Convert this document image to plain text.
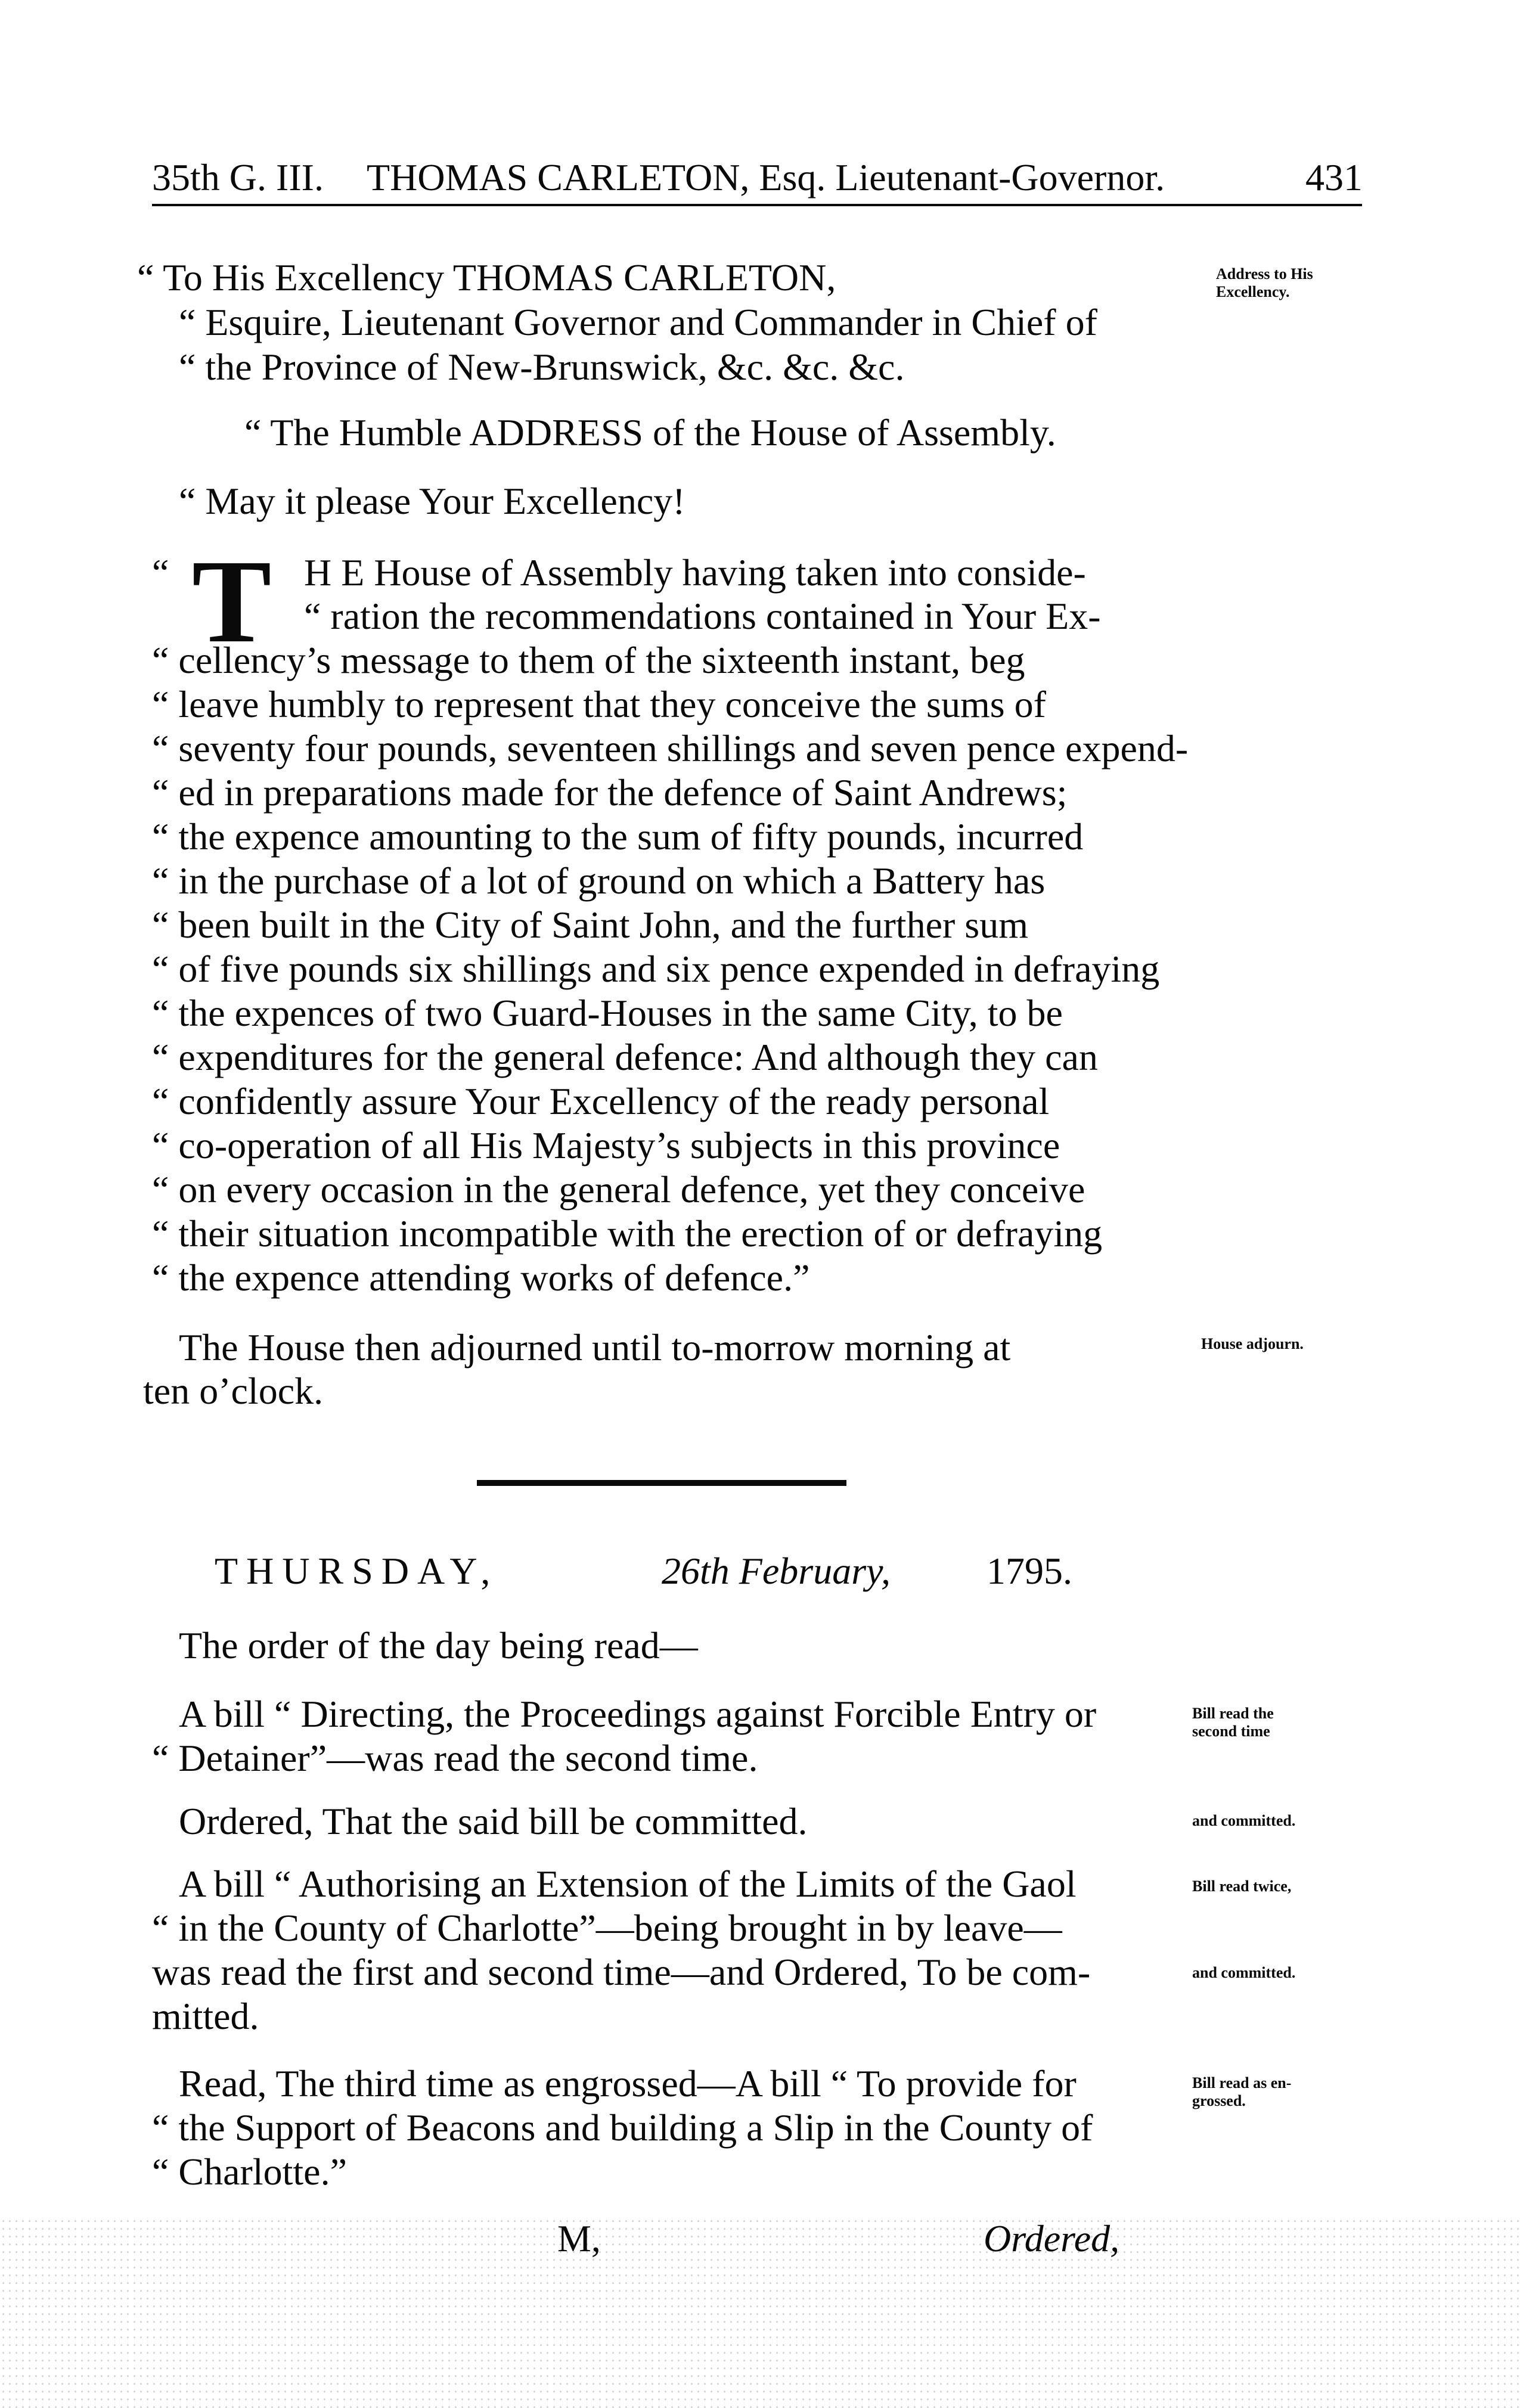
35th G. III. THOMAS CARLETON, Esq. Lieutenant-Governor.	431
“ To His Excellency THOMAS CARLETON,
“ Esquire, Lieutenant Governor and Commander in Chief of
“ the Province of New-Brunswick, &c. &c. &c.
Address to His
Excellency.
“ The Humble ADDRESS of the House of Assembly.
“ May it please Your Excellency!
T
“	H E House of Assembly having taken into conside-
“ ration the recommendations contained in Your Ex-
“ cellency’s message to them of the sixteenth instant, beg
“ leave humbly to represent that they conceive the sums of
“ seventy four pounds, seventeen shillings and seven pence expend-
“ ed in preparations made for the defence of Saint Andrews;
“ the expence amounting to the sum of fifty pounds, incurred
“ in the purchase of a lot of ground on which a Battery has
“ been built in the City of Saint John, and the further sum
“ of five pounds six shillings and six pence expended in defraying
“ the expences of two Guard-Houses in the same City, to be
“ expenditures for the general defence: And although they can
“ confidently assure Your Excellency of the ready personal
“ co-operation of all His Majesty’s subjects in this province
“ on every occasion in the general defence, yet they conceive
“ their situation incompatible with the erection of or defraying
“ the expence attending works of defence.”
The House then adjourned until to-morrow morning at
ten o’clock.
House adjourn.
THURSDAY,	26th February,	1795.
The order of the day being read—
A bill “ Directing, the Proceedings against Forcible Entry or
“ Detainer”—was read the second time.
Bill read the
second time
Ordered, That the said bill be committed.	and committed.
A bill “ Authorising an Extension of the Limits of the Gaol
“ in the County of Charlotte”—being brought in by leave—
was read the first and second time—and Ordered, To be com-
mitted.
Bill read twice,
and committed.
Read, The third time as engrossed—A bill “ To provide for
“ the Support of Beacons and building a Slip in the County of
“ Charlotte.”
Bill read as en-
grossed.
M,	Ordered,
